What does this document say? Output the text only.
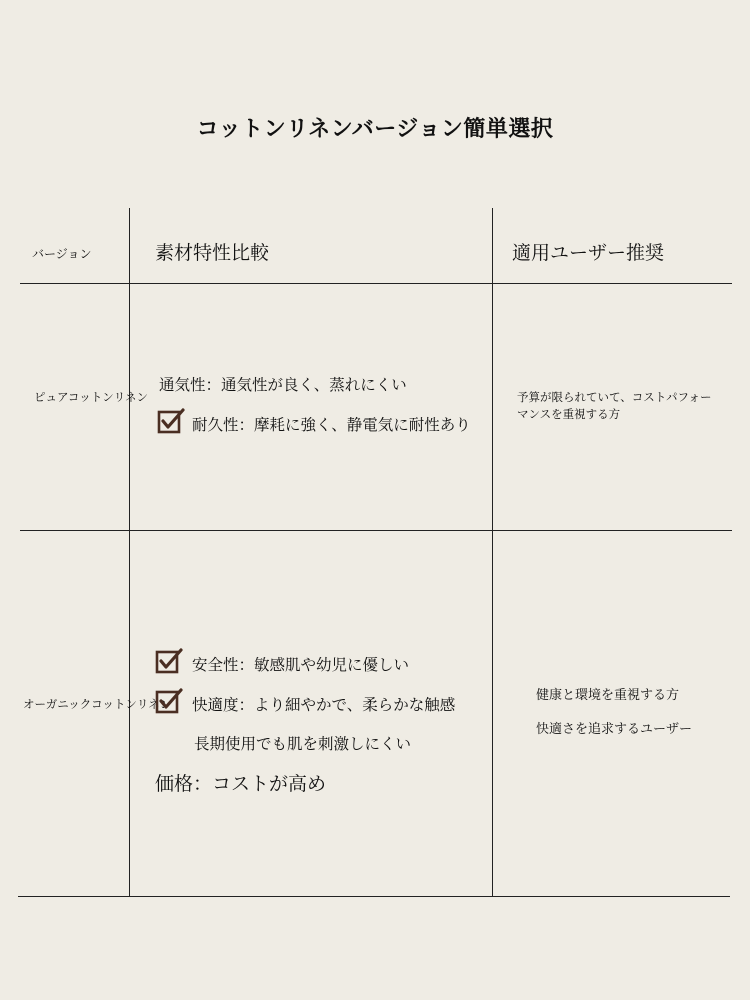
コットンリネンバージョン簡単選択
バージョン	素材特性比較	適用ユーザー推奨
ピュアコットンリネン
通気性：通気性が良く、蒸れにくい
耐久性：摩耗に強く、静電気に耐性あり
予算が限られていて、コストパフォーマンスを重視する方
オーガニックコットンリネン
安全性：敏感肌や幼児に優しい
快適度：より細やかで、柔らかな触感
長期使用でも肌を刺激しにくい
価格：コストが高め
健康と環境を重視する方
快適さを追求するユーザー
